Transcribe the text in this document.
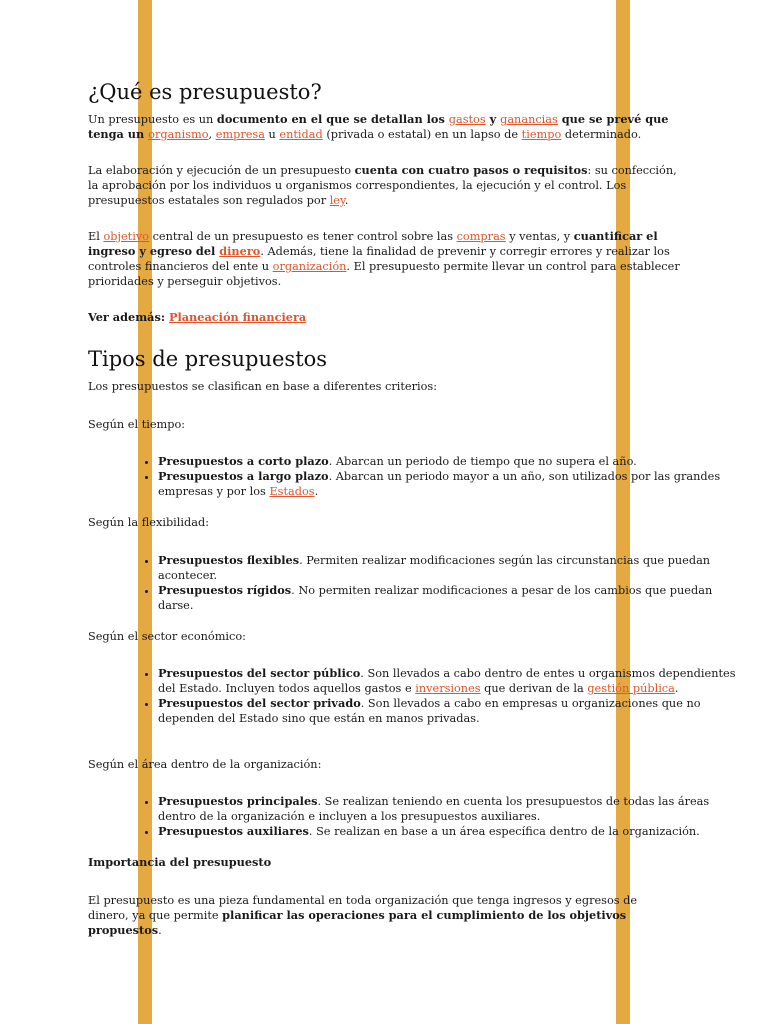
¿Qué es presupuesto?

Un presupuesto es un documento en el que se detallan los gastos y ganancias que se prevé que tenga un organismo, empresa u entidad (privada o estatal) en un lapso de tiempo determinado.

La elaboración y ejecución de un presupuesto cuenta con cuatro pasos o requisitos: su confección, la aprobación por los individuos u organismos correspondientes, la ejecución y el control. Los presupuestos estatales son regulados por ley.

El objetivo central de un presupuesto es tener control sobre las compras y ventas, y cuantificar el ingreso y egreso del dinero. Además, tiene la finalidad de prevenir y corregir errores y realizar los controles financieros del ente u organización. El presupuesto permite llevar un control para establecer prioridades y perseguir objetivos.

Ver además: Planeación financiera

Tipos de presupuestos

Los presupuestos se clasifican en base a diferentes criterios:

Según el tiempo:

• Presupuestos a corto plazo. Abarcan un periodo de tiempo que no supera el año.
• Presupuestos a largo plazo. Abarcan un periodo mayor a un año, son utilizados por las grandes empresas y por los Estados.

Según la flexibilidad:

• Presupuestos flexibles. Permiten realizar modificaciones según las circunstancias que puedan acontecer.
• Presupuestos rígidos. No permiten realizar modificaciones a pesar de los cambios que puedan darse.

Según el sector económico:

• Presupuestos del sector público. Son llevados a cabo dentro de entes u organismos dependientes del Estado. Incluyen todos aquellos gastos e inversiones que derivan de la gestión pública.
• Presupuestos del sector privado. Son llevados a cabo en empresas u organizaciones que no dependen del Estado sino que están en manos privadas.

Según el área dentro de la organización:

• Presupuestos principales. Se realizan teniendo en cuenta los presupuestos de todas las áreas dentro de la organización e incluyen a los presupuestos auxiliares.
• Presupuestos auxiliares. Se realizan en base a un área específica dentro de la organización.

Importancia del presupuesto

El presupuesto es una pieza fundamental en toda organización que tenga ingresos y egresos de dinero, ya que permite planificar las operaciones para el cumplimiento de los objetivos propuestos.
